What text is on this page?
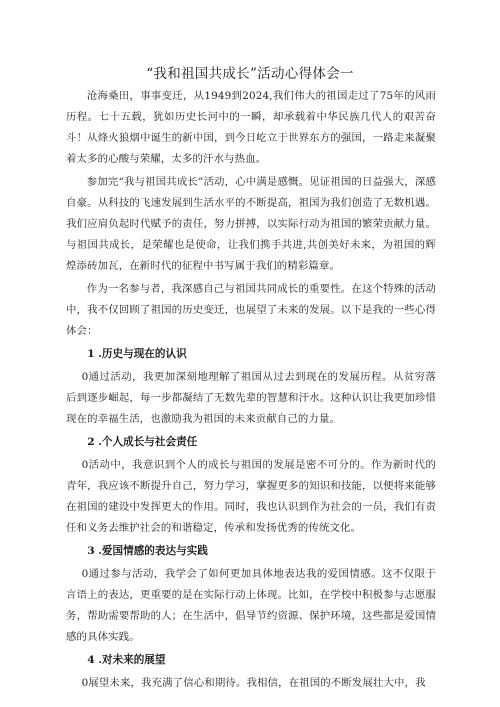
“我和祖国共成长”活动心得体会一

沧海桑田，事事变迁，从1949到2024,我们伟大的祖国走过了75年的风雨历程。七十五载，犹如历史长河中的一瞬，却承载着中华民族几代人的艰苦奋斗！从烽火狼烟中诞生的新中国，到今日屹立于世界东方的强国，一路走来凝聚着太多的心酸与荣耀，太多的汗水与热血。

参加完“我与祖国共成长”活动，心中满是感慨。见证祖国的日益强大，深感自豪。从科技的飞速发展到生活水平的不断提高，祖国为我们创造了无数机遇。我们应肩负起时代赋予的责任，努力拼搏，以实际行动为祖国的繁荣贡献力量。与祖国共成长，是荣耀也是使命，让我们携手共进,共创美好未来，为祖国的辉煌添砖加瓦，在新时代的征程中书写属于我们的精彩篇章。

作为一名参与者，我深感自己与祖国共同成长的重要性。在这个特殊的活动中，我不仅回顾了祖国的历史变迁，也展望了未来的发展。以下是我的一些心得体会：

1 .历史与现在的认识

0通过活动，我更加深刻地理解了祖国从过去到现在的发展历程。从贫穷落后到逐步崛起，每一步都凝结了无数先辈的智慧和汗水。这种认识让我更加珍惜现在的幸福生活，也激励我为祖国的未来贡献自己的力量。

2 .个人成长与社会责任

0活动中，我意识到个人的成长与祖国的发展是密不可分的。作为新时代的青年，我应该不断提升自己，努力学习，掌握更多的知识和技能，以便将来能够在祖国的建设中发挥更大的作用。同时，我也认识到作为社会的一员，我们有责任和义务去维护社会的和谐稳定，传承和发扬优秀的传统文化。

3 .爱国情感的表达与实践

0通过参与活动，我学会了如何更加具体地表达我的爱国情感。这不仅限于言语上的表达，更重要的是在实际行动上体现。比如，在学校中积极参与志愿服务，帮助需要帮助的人；在生活中，倡导节约资源、保护环境，这些都是爱国情感的具体实践。

4 .对未来的展望

0展望未来，我充满了信心和期待。我相信，在祖国的不断发展壮大中，我
